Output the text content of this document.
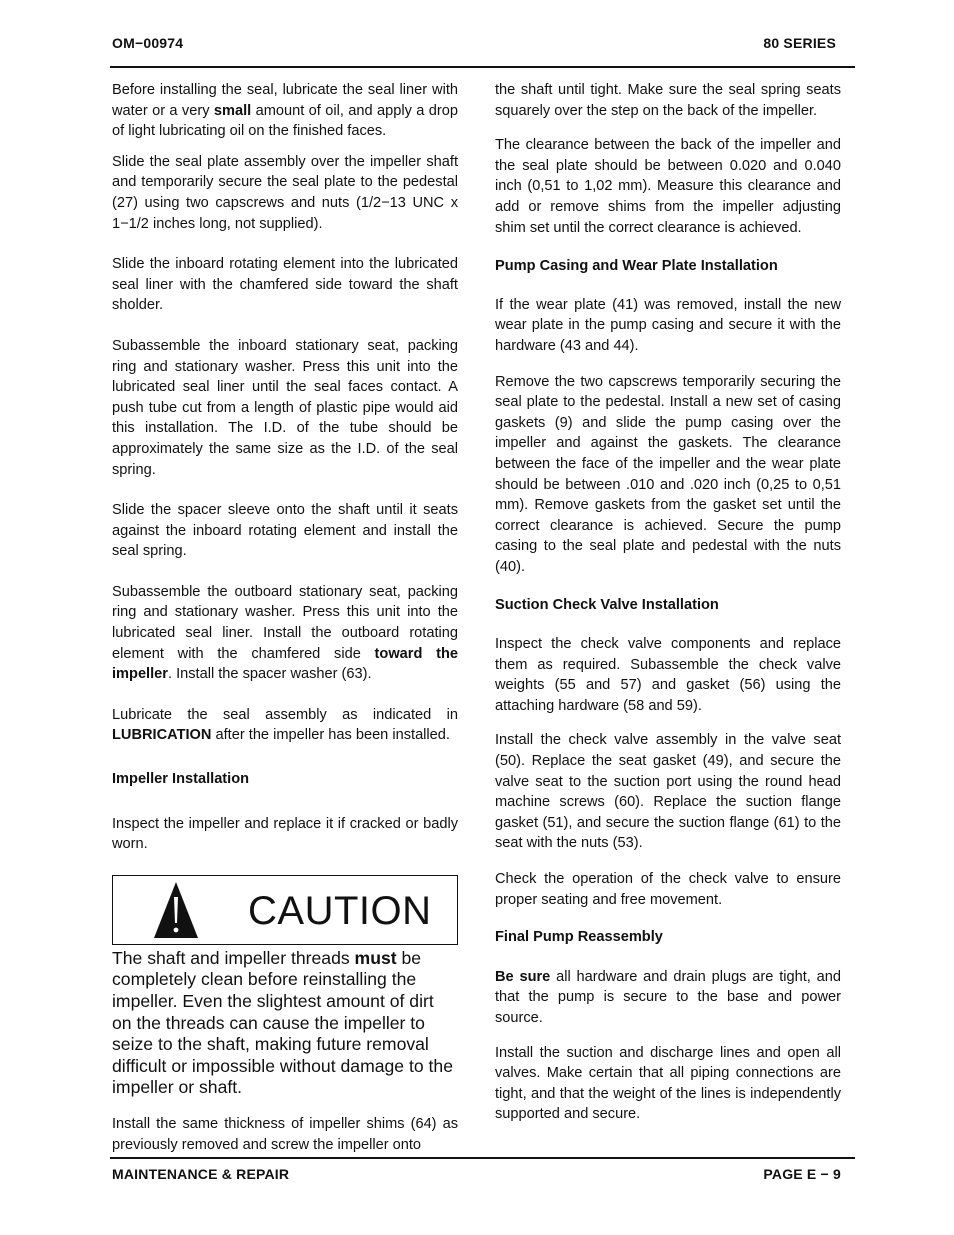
OM−00974	80 SERIES

Before installing the seal, lubricate the seal liner with water or a very small amount of oil, and apply a drop of light lubricating oil on the finished faces.

Slide the seal plate assembly over the impeller shaft and temporarily secure the seal plate to the pedestal (27) using two capscrews and nuts (1/2−13 UNC x 1−1/2 inches long, not supplied).

Slide the inboard rotating element into the lubricated seal liner with the chamfered side toward the shaft sholder.

Subassemble the inboard stationary seat, packing ring and stationary washer. Press this unit into the lubricated seal liner until the seal faces contact. A push tube cut from a length of plastic pipe would aid this installation. The I.D. of the tube should be approximately the same size as the I.D. of the seal spring.

Slide the spacer sleeve onto the shaft until it seats against the inboard rotating element and install the seal spring.

Subassemble the outboard stationary seat, packing ring and stationary washer. Press this unit into the lubricated seal liner. Install the outboard rotating element with the chamfered side toward the impeller. Install the spacer washer (63).

Lubricate the seal assembly as indicated in LUBRICATION after the impeller has been installed.

Impeller Installation

Inspect the impeller and replace it if cracked or badly worn.

CAUTION

The shaft and impeller threads must be completely clean before reinstalling the impeller. Even the slightest amount of dirt on the threads can cause the impeller to seize to the shaft, making future removal difficult or impossible without damage to the impeller or shaft.

Install the same thickness of impeller shims (64) as previously removed and screw the impeller onto

the shaft until tight. Make sure the seal spring seats squarely over the step on the back of the impeller.

The clearance between the back of the impeller and the seal plate should be between 0.020 and 0.040 inch (0,51 to 1,02 mm). Measure this clearance and add or remove shims from the impeller adjusting shim set until the correct clearance is achieved.

Pump Casing and Wear Plate Installation

If the wear plate (41) was removed, install the new wear plate in the pump casing and secure it with the hardware (43 and 44).

Remove the two capscrews temporarily securing the seal plate to the pedestal. Install a new set of casing gaskets (9) and slide the pump casing over the impeller and against the gaskets. The clearance between the face of the impeller and the wear plate should be between .010 and .020 inch (0,25 to 0,51 mm). Remove gaskets from the gasket set until the correct clearance is achieved. Secure the pump casing to the seal plate and pedestal with the nuts (40).

Suction Check Valve Installation

Inspect the check valve components and replace them as required. Subassemble the check valve weights (55 and 57) and gasket (56) using the attaching hardware (58 and 59).

Install the check valve assembly in the valve seat (50). Replace the seat gasket (49), and secure the valve seat to the suction port using the round head machine screws (60). Replace the suction flange gasket (51), and secure the suction flange (61) to the seat with the nuts (53).

Check the operation of the check valve to ensure proper seating and free movement.

Final Pump Reassembly

Be sure all hardware and drain plugs are tight, and that the pump is secure to the base and power source.

Install the suction and discharge lines and open all valves. Make certain that all piping connections are tight, and that the weight of the lines is independently supported and secure.

MAINTENANCE & REPAIR	PAGE E − 9
